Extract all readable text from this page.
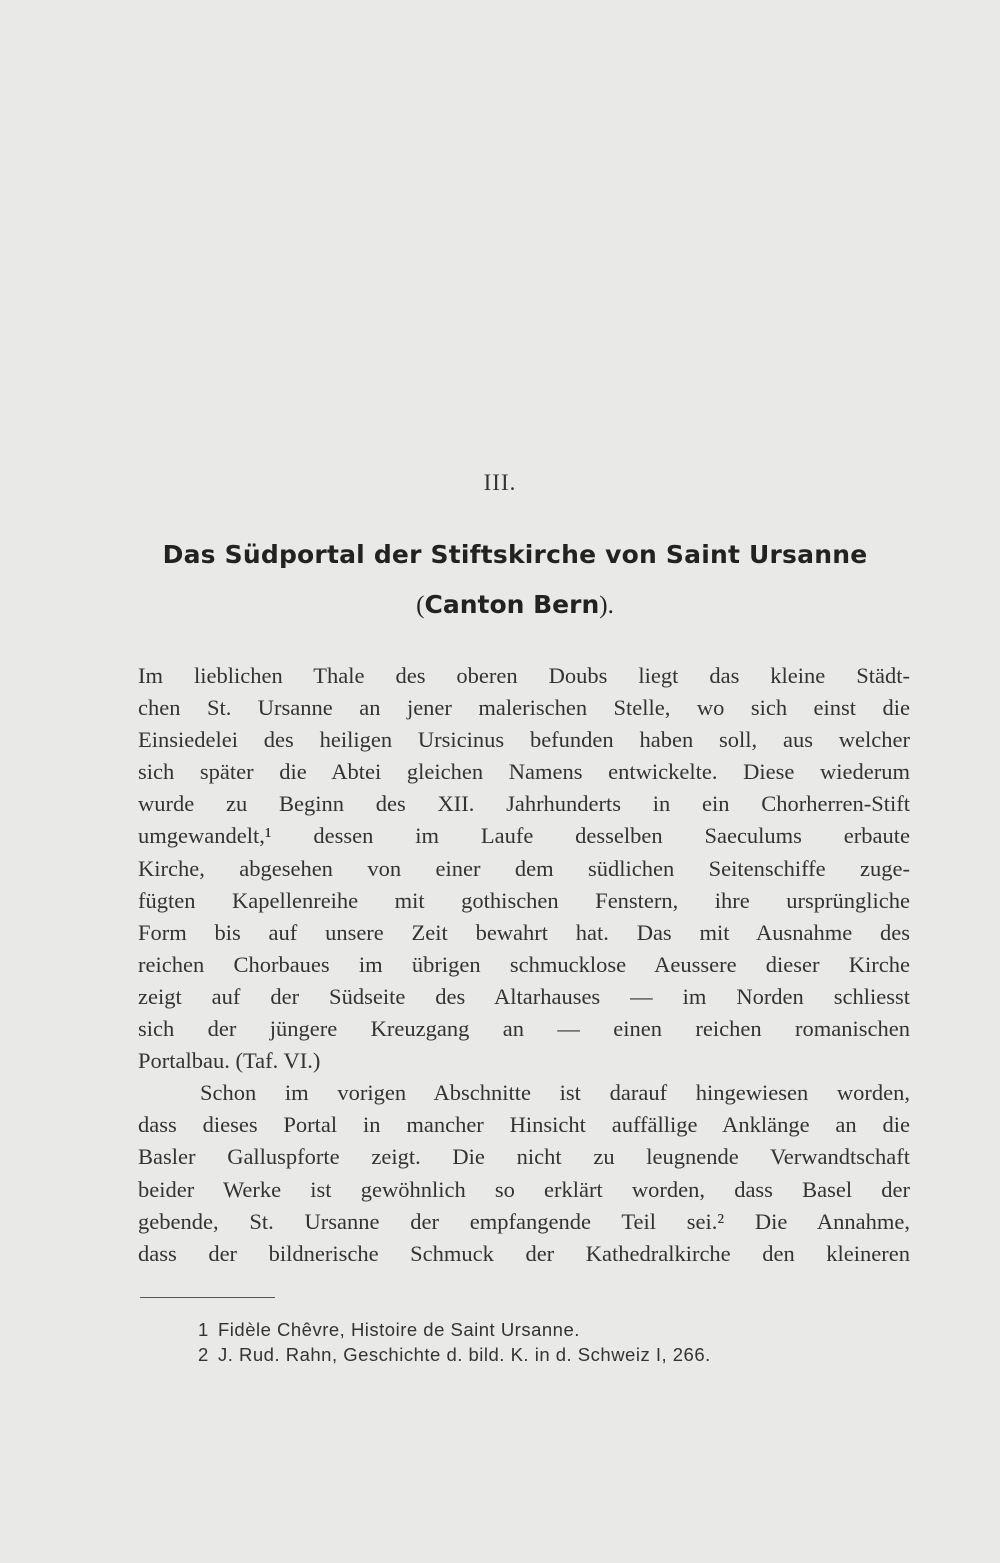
III.
Das Südportal der Stiftskirche von Saint Ursanne
(Canton Bern).
Im lieblichen Thale des oberen Doubs liegt das kleine Städt-
chen St. Ursanne an jener malerischen Stelle, wo sich einst die
Einsiedelei des heiligen Ursicinus befunden haben soll, aus welcher
sich später die Abtei gleichen Namens entwickelte. Diese wiederum
wurde zu Beginn des XII. Jahrhunderts in ein Chorherren-Stift
umgewandelt,¹ dessen im Laufe desselben Saeculums erbaute
Kirche, abgesehen von einer dem südlichen Seitenschiffe zuge-
fügten Kapellenreihe mit gothischen Fenstern, ihre ursprüngliche
Form bis auf unsere Zeit bewahrt hat. Das mit Ausnahme des
reichen Chorbaues im übrigen schmucklose Aeussere dieser Kirche
zeigt auf der Südseite des Altarhauses — im Norden schliesst
sich der jüngere Kreuzgang an — einen reichen romanischen
Portalbau. (Taf. VI.)
Schon im vorigen Abschnitte ist darauf hingewiesen worden,
dass dieses Portal in mancher Hinsicht auffällige Anklänge an die
Basler Galluspforte zeigt. Die nicht zu leugnende Verwandtschaft
beider Werke ist gewöhnlich so erklärt worden, dass Basel der
gebende, St. Ursanne der empfangende Teil sei.² Die Annahme,
dass der bildnerische Schmuck der Kathedralkirche den kleineren
1 Fidèle Chêvre, Histoire de Saint Ursanne.
2 J. Rud. Rahn, Geschichte d. bild. K. in d. Schweiz I, 266.
